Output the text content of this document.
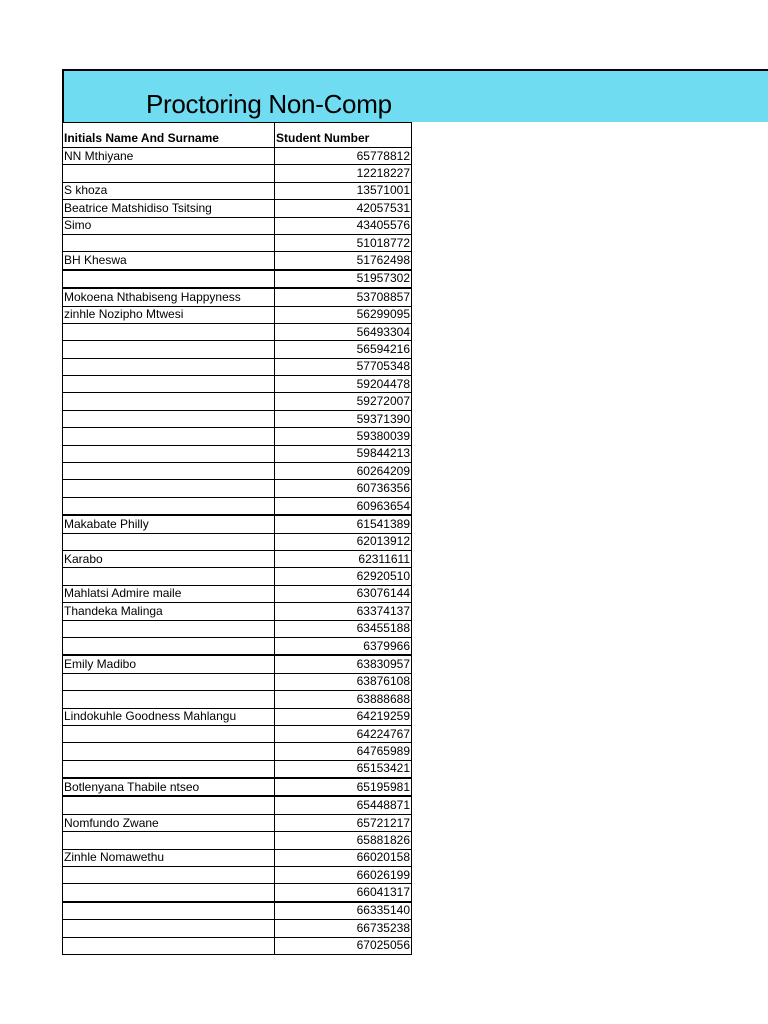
Proctoring Non-Comp
Initials Name And Surname	Student Number
NN Mthiyane	65778812
	12218227
S khoza	13571001
Beatrice Matshidiso Tsitsing	42057531
Simo	43405576
	51018772
BH Kheswa	51762498
	51957302
Mokoena Nthabiseng Happyness	53708857
zinhle Nozipho Mtwesi	56299095
	56493304
	56594216
	57705348
	59204478
	59272007
	59371390
	59380039
	59844213
	60264209
	60736356
	60963654
Makabate Philly	61541389
	62013912
Karabo	62311611
	62920510
Mahlatsi Admire maile	63076144
Thandeka Malinga	63374137
	63455188
	6379966
Emily Madibo	63830957
	63876108
	63888688
Lindokuhle Goodness Mahlangu	64219259
	64224767
	64765989
	65153421
Botlenyana Thabile ntseo	65195981
	65448871
Nomfundo Zwane	65721217
	65881826
Zinhle Nomawethu	66020158
	66026199
	66041317
	66335140
	66735238
	67025056
